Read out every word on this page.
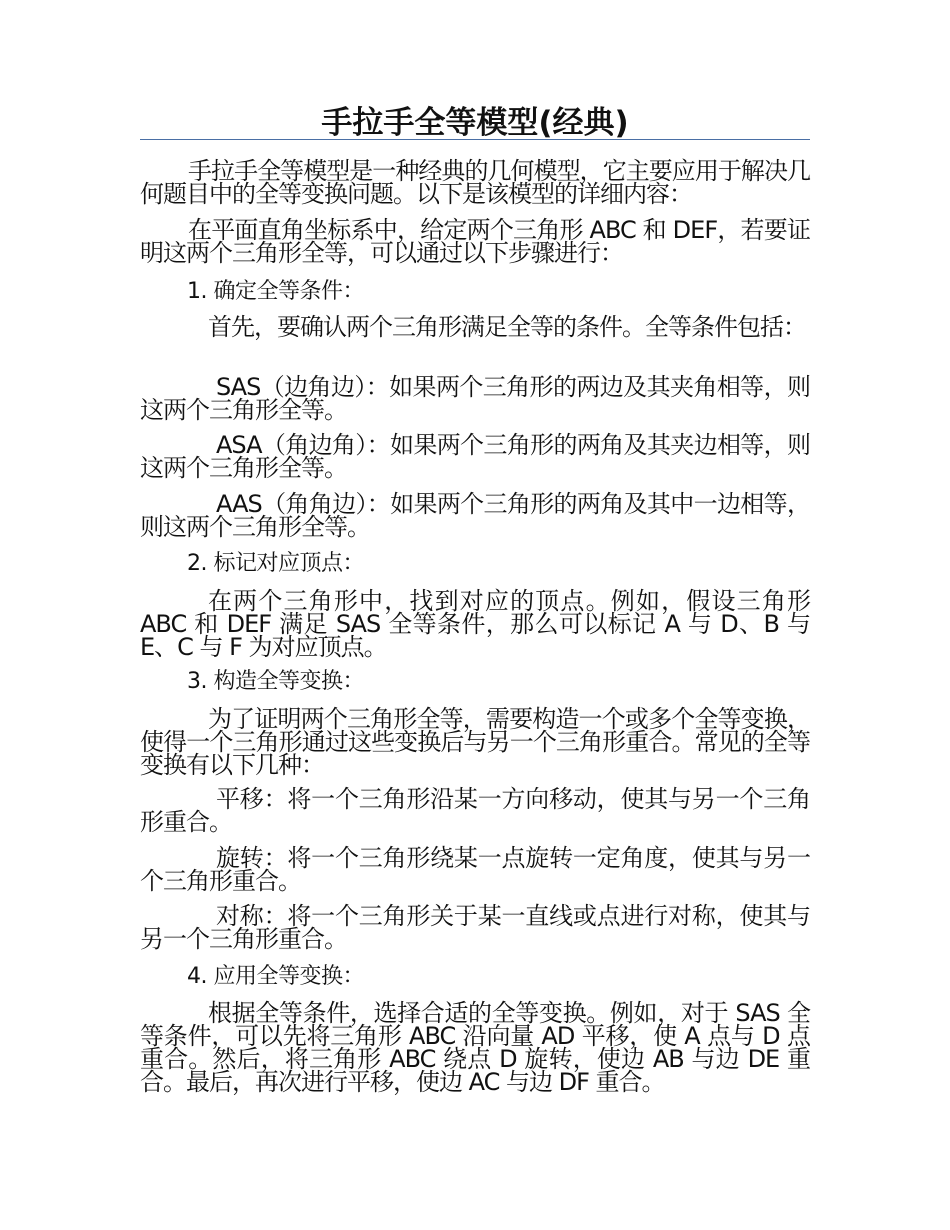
手拉手全等模型(经典)

手拉手全等模型是一种经典的几何模型，它主要应用于解决几何题目中的全等变换问题。以下是该模型的详细内容：

在平面直角坐标系中，给定两个三角形 ABC 和 DEF，若要证明这两个三角形全等，可以通过以下步骤进行：

1. 确定全等条件：

首先，要确认两个三角形满足全等的条件。全等条件包括：

SAS（边角边）：如果两个三角形的两边及其夹角相等，则这两个三角形全等。

ASA（角边角）：如果两个三角形的两角及其夹边相等，则这两个三角形全等。

AAS（角角边）：如果两个三角形的两角及其中一边相等，则这两个三角形全等。

2. 标记对应顶点：

在两个三角形中，找到对应的顶点。例如，假设三角形 ABC 和 DEF 满足 SAS 全等条件，那么可以标记 A 与 D、B 与 E、C 与 F 为对应顶点。

3. 构造全等变换：

为了证明两个三角形全等，需要构造一个或多个全等变换，使得一个三角形通过这些变换后与另一个三角形重合。常见的全等变换有以下几种：

平移：将一个三角形沿某一方向移动，使其与另一个三角形重合。

旋转：将一个三角形绕某一点旋转一定角度，使其与另一个三角形重合。

对称：将一个三角形关于某一直线或点进行对称，使其与另一个三角形重合。

4. 应用全等变换：

根据全等条件，选择合适的全等变换。例如，对于 SAS 全等条件，可以先将三角形 ABC 沿向量 AD 平移，使 A 点与 D 点重合。然后，将三角形 ABC 绕点 D 旋转，使边 AB 与边 DE 重合。最后，再次进行平移，使边 AC 与边 DF 重合。
